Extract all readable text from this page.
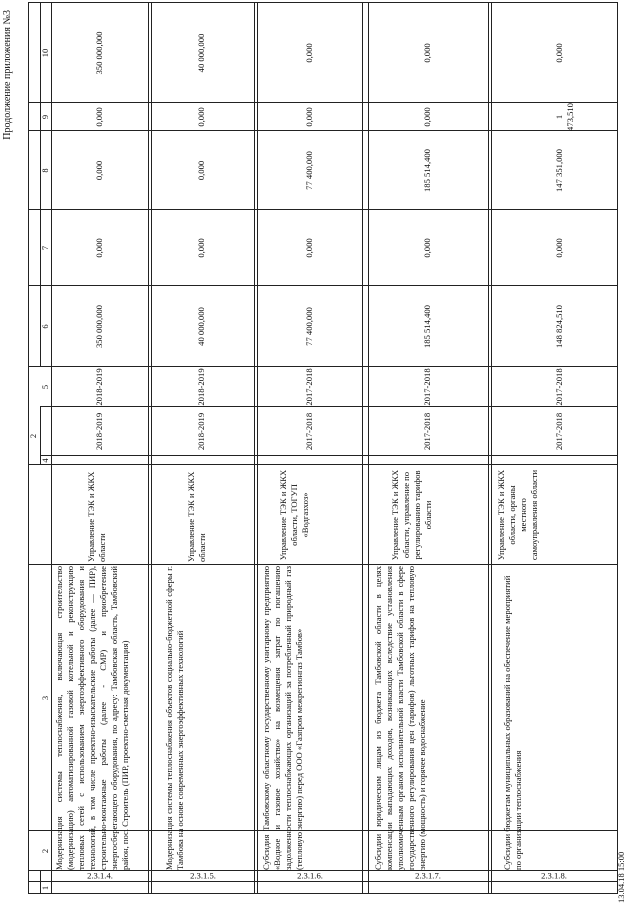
Продолжение приложения №3
13.04.18 15:00
2
1
2
3
4
5
6
7
8
9
10
2.3.1.4.
Модернизация системы теплоснабжения, включающая строительство (модернизацию) автоматизированной газовой котельной и реконструкцию тепловых сетей с использованием энергоэффективного оборудования и технологий, в том числе проектно-изыскательские работы (далее — ПИР), строительно-монтажные работы (далее - СМР) и приобретение энергосберегающего оборудования, по адресу: Тамбовская область, Тамбовский район, пос. Строитель (ПИР, проектно-сметная документация)
Управление ТЭК и ЖКХ области
2018-2019
2018-2019
350 000,000
0,000
0,000
0,000
350 000,000
2.3.1.5.
Модернизация системы теплоснабжения объектов социально-бюджетной сферы г. Тамбова на основе современных энергоэффективных технологий
Управление ТЭК и ЖКХ области
2018-2019
2018-2019
40 000,000
0,000
0,000
0,000
40 000,000
2.3.1.6.
Субсидия Тамбовскому областному государственному унитарному предприятию «Водное и газовое хозяйство» на возмещения затрат по погашению задолженности теплоснабжающих организаций за потребленный природный газ (тепловую энергию) перед ООО «Газпром межрегионгаз Тамбов»
Управление ТЭК и ЖКХ области, ТОГУП «Водгазхоз»
2017-2018
2017-2018
77 400,000
0,000
77 400,000
0,000
0,000
2.3.1.7.
Субсидии юридическим лицам из бюджета Тамбовской области в целях компенсации выпадающих доходов, возникающих вследствие установления уполномоченным органом исполнительной власти Тамбовской области в сфере государственного регулирования цен (тарифов) льготных тарифов на тепловую энергию (мощность) и горячее водоснабжение
Управление ТЭК и ЖКХ области, управление по регулированию тарифов области
2017-2018
2017-2018
185 514,400
0,000
185 514,400
0,000
0,000
2.3.1.8.
Субсидии бюджетам муниципальных образований на обеспечение мероприятий по организации теплоснабжения
Управление ТЭК и ЖКХ области, органы местного самоуправления области
2017-2018
2017-2018
148 824,510
0,000
147 351,000
1 473,510
0,000
